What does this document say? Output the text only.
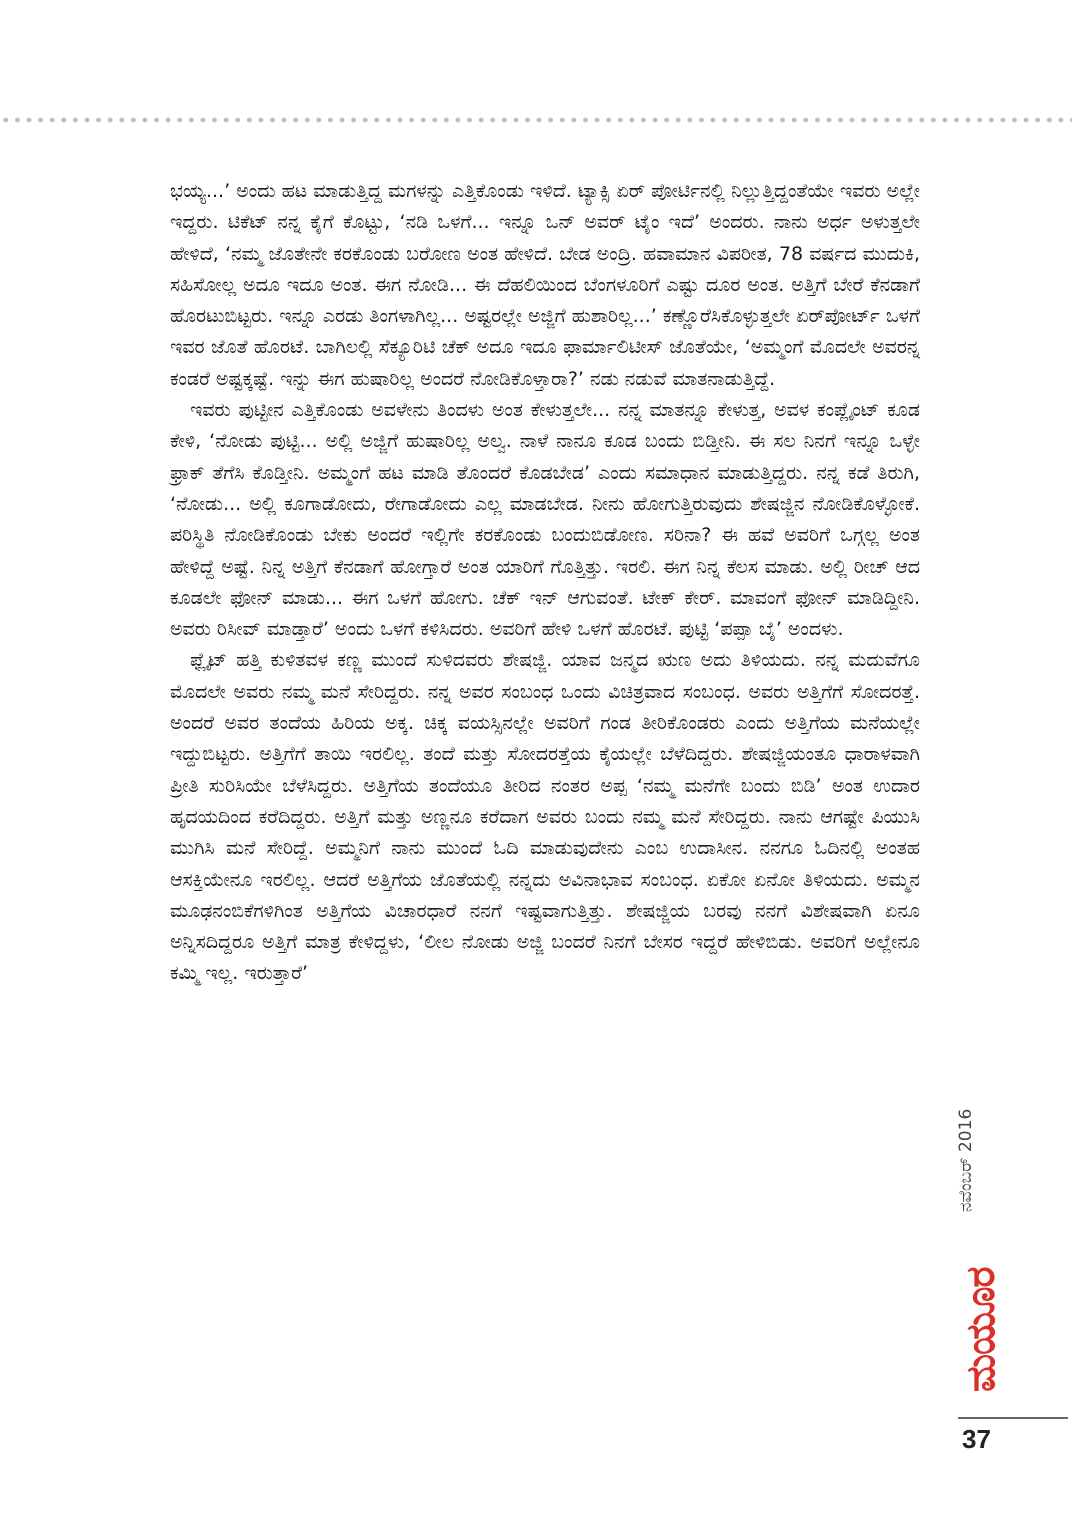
ಭಯ್ಯ...’ ಅಂದು ಹಟ ಮಾಡುತ್ತಿದ್ದ ಮಗಳನ್ನು ಎತ್ತಿಕೊಂಡು ಇಳಿದೆ. ಟ್ಯಾಕ್ಸಿ ಏರ್ ಪೋರ್ಟಿನಲ್ಲಿ ನಿಲ್ಲುತ್ತಿದ್ದಂತೆಯೇ ಇವರು ಅಲ್ಲೇ ಇದ್ದರು. ಟಿಕೆಟ್ ನನ್ನ ಕೈಗೆ ಕೊಟ್ಟು, ‘ನಡಿ ಒಳಗೆ... ಇನ್ನೂ ಒನ್ ಅವರ್ ಟೈಂ ಇದೆ’ ಅಂದರು. ನಾನು ಅರ್ಧ ಅಳುತ್ತಲೇ ಹೇಳಿದೆ, ‘ನಮ್ಮ ಜೊತೇನೇ ಕರಕೊಂಡು ಬರೋಣ ಅಂತ ಹೇಳಿದೆ. ಬೇಡ ಅಂದ್ರಿ. ಹವಾಮಾನ ವಿಪರೀತ, 78 ವರ್ಷದ ಮುದುಕಿ, ಸಹಿಸೋಲ್ಲ ಅದೂ ಇದೂ ಅಂತ. ಈಗ ನೋಡಿ... ಈ ದೆಹಲಿಯಿಂದ ಬೆಂಗಳೂರಿಗೆ ಎಷ್ಟು ದೂರ ಅಂತ. ಅತ್ತಿಗೆ ಬೇರೆ ಕೆನಡಾಗೆ ಹೊರಟುಬಿಟ್ಟರು. ಇನ್ನೂ ಎರಡು ತಿಂಗಳಾಗಿಲ್ಲ... ಅಷ್ಟರಲ್ಲೇ ಅಜ್ಜಿಗೆ ಹುಶಾರಿಲ್ಲ...’ ಕಣ್ಣೊರೆಸಿಕೊಳ್ಳುತ್ತಲೇ ಏರ್‌ಪೋರ್ಟ್ ಒಳಗೆ ಇವರ ಜೊತೆ ಹೊರಟೆ. ಬಾಗಿಲಲ್ಲಿ ಸೆಕ್ಯೂರಿಟಿ ಚೆಕ್ ಅದೂ ಇದೂ ಫಾರ್ಮಾಲಿಟೀಸ್ ಜೊತೆಯೇ, ‘ಅಮ್ಮಂಗೆ ಮೊದಲೇ ಅವರನ್ನ ಕಂಡರೆ ಅಷ್ಟಕ್ಕಷ್ಟೆ. ಇನ್ನು ಈಗ ಹುಷಾರಿಲ್ಲ ಅಂದರೆ ನೋಡಿಕೊಳ್ತಾರಾ?’ ನಡು ನಡುವೆ ಮಾತನಾಡುತ್ತಿದ್ದೆ.

ಇವರು ಪುಟ್ಟೀನ ಎತ್ತಿಕೊಂಡು ಅವಳೇನು ತಿಂದಳು ಅಂತ ಕೇಳುತ್ತಲೇ... ನನ್ನ ಮಾತನ್ನೂ ಕೇಳುತ್ತ, ಅವಳ ಕಂಪ್ಲೈಂಟ್ ಕೂಡ ಕೇಳಿ, ‘ನೋಡು ಪುಟ್ಟಿ... ಅಲ್ಲಿ ಅಜ್ಜಿಗೆ ಹುಷಾರಿಲ್ಲ ಅಲ್ವ. ನಾಳೆ ನಾನೂ ಕೂಡ ಬಂದು ಬಿಡ್ತೀನಿ. ಈ ಸಲ ನಿನಗೆ ಇನ್ನೂ ಒಳ್ಳೇ ಫ್ರಾಕ್ ತೆಗೆಸಿ ಕೊಡ್ತೀನಿ. ಅಮ್ಮಂಗೆ ಹಟ ಮಾಡಿ ತೊಂದರೆ ಕೊಡಬೇಡ’ ಎಂದು ಸಮಾಧಾನ ಮಾಡುತ್ತಿದ್ದರು. ನನ್ನ ಕಡೆ ತಿರುಗಿ, ‘ನೋಡು... ಅಲ್ಲಿ ಕೂಗಾಡೋದು, ರೇಗಾಡೋದು ಎಲ್ಲ ಮಾಡಬೇಡ. ನೀನು ಹೋಗುತ್ತಿರುವುದು ಶೇಷಜ್ಜಿನ ನೋಡಿಕೊಳ್ಳೋಕೆ. ಪರಿಸ್ಥಿತಿ ನೋಡಿಕೊಂಡು ಬೇಕು ಅಂದರೆ ಇಲ್ಲಿಗೇ ಕರಕೊಂಡು ಬಂದುಬಿಡೋಣ. ಸರಿನಾ? ಈ ಹವೆ ಅವರಿಗೆ ಒಗ್ಗಲ್ಲ ಅಂತ ಹೇಳಿದ್ದೆ ಅಷ್ಟೆ. ನಿನ್ನ ಅತ್ತಿಗೆ ಕೆನಡಾಗೆ ಹೋಗ್ತಾರೆ ಅಂತ ಯಾರಿಗೆ ಗೊತ್ತಿತ್ತು. ಇರಲಿ. ಈಗ ನಿನ್ನ ಕೆಲಸ ಮಾಡು. ಅಲ್ಲಿ ರೀಚ್ ಆದ ಕೂಡಲೇ ಫೋನ್ ಮಾಡು... ಈಗ ಒಳಗೆ ಹೋಗು. ಚೆಕ್ ಇನ್ ಆಗುವಂತೆ. ಟೇಕ್ ಕೇರ್. ಮಾವಂಗೆ ಫೋನ್ ಮಾಡಿದ್ದೀನಿ. ಅವರು ರಿಸೀವ್ ಮಾಡ್ತಾರೆ’ ಅಂದು ಒಳಗೆ ಕಳಿಸಿದರು. ಅವರಿಗೆ ಹೇಳಿ ಒಳಗೆ ಹೊರಟೆ. ಪುಟ್ಟಿ ‘ಪಪ್ಪಾ ಬೈ’ ಅಂದಳು.

ಫ್ಲೈಟ್ ಹತ್ತಿ ಕುಳಿತವಳ ಕಣ್ಣ ಮುಂದೆ ಸುಳಿದವರು ಶೇಷಜ್ಜಿ. ಯಾವ ಜನ್ಮದ ಋಣ ಅದು ತಿಳಿಯದು. ನನ್ನ ಮದುವೆಗೂ ಮೊದಲೇ ಅವರು ನಮ್ಮ ಮನೆ ಸೇರಿದ್ದರು. ನನ್ನ ಅವರ ಸಂಬಂಧ ಒಂದು ವಿಚಿತ್ರವಾದ ಸಂಬಂಧ. ಅವರು ಅತ್ತಿಗೆಗೆ ಸೋದರತ್ತೆ. ಅಂದರೆ ಅವರ ತಂದೆಯ ಹಿರಿಯ ಅಕ್ಕ. ಚಿಕ್ಕ ವಯಸ್ಸಿನಲ್ಲೇ ಅವರಿಗೆ ಗಂಡ ತೀರಿಕೊಂಡರು ಎಂದು ಅತ್ತಿಗೆಯ ಮನೆಯಲ್ಲೇ ಇದ್ದುಬಿಟ್ಟರು. ಅತ್ತಿಗೆಗೆ ತಾಯಿ ಇರಲಿಲ್ಲ. ತಂದೆ ಮತ್ತು ಸೋದರತ್ತೆಯ ಕೈಯಲ್ಲೇ ಬೆಳೆದಿದ್ದರು. ಶೇಷಜ್ಜಿಯಂತೂ ಧಾರಾಳವಾಗಿ ಪ್ರೀತಿ ಸುರಿಸಿಯೇ ಬೆಳೆಸಿದ್ದರು. ಅತ್ತಿಗೆಯ ತಂದೆಯೂ ತೀರಿದ ನಂತರ ಅಪ್ಪ ‘ನಮ್ಮ ಮನೆಗೇ ಬಂದು ಬಿಡಿ’ ಅಂತ ಉದಾರ ಹೃದಯದಿಂದ ಕರೆದಿದ್ದರು. ಅತ್ತಿಗೆ ಮತ್ತು ಅಣ್ಣನೂ ಕರೆದಾಗ ಅವರು ಬಂದು ನಮ್ಮ ಮನೆ ಸೇರಿದ್ದರು. ನಾನು ಆಗಷ್ಟೇ ಪಿಯುಸಿ ಮುಗಿಸಿ ಮನೆ ಸೇರಿದ್ದೆ. ಅಮ್ಮನಿಗೆ ನಾನು ಮುಂದೆ ಓದಿ ಮಾಡುವುದೇನು ಎಂಬ ಉದಾಸೀನ. ನನಗೂ ಓದಿನಲ್ಲಿ ಅಂತಹ ಆಸಕ್ತಿಯೇನೂ ಇರಲಿಲ್ಲ. ಆದರೆ ಅತ್ತಿಗೆಯ ಜೊತೆಯಲ್ಲಿ ನನ್ನದು ಅವಿನಾಭಾವ ಸಂಬಂಧ. ಏಕೋ ಏನೋ ತಿಳಿಯದು. ಅಮ್ಮನ ಮೂಢನಂಬಿಕೆಗಳಿಗಿಂತ ಅತ್ತಿಗೆಯ ವಿಚಾರಧಾರೆ ನನಗೆ ಇಷ್ಟವಾಗುತ್ತಿತ್ತು. ಶೇಷಜ್ಜಿಯ ಬರವು ನನಗೆ ವಿಶೇಷವಾಗಿ ಏನೂ ಅನ್ನಿಸದಿದ್ದರೂ ಅತ್ತಿಗೆ ಮಾತ್ರ ಕೇಳಿದ್ದಳು, ‘ಲೀಲ ನೋಡು ಅಜ್ಜಿ ಬಂದರೆ ನಿನಗೆ ಬೇಸರ ಇದ್ದರೆ ಹೇಳಿಬಿಡು. ಅವರಿಗೆ ಅಲ್ಲೇನೂ ಕಮ್ಮಿ ಇಲ್ಲ. ಇರುತ್ತಾರೆ’

ನವೆಂಬರ್ 2016
ಮಯೂರ
37
